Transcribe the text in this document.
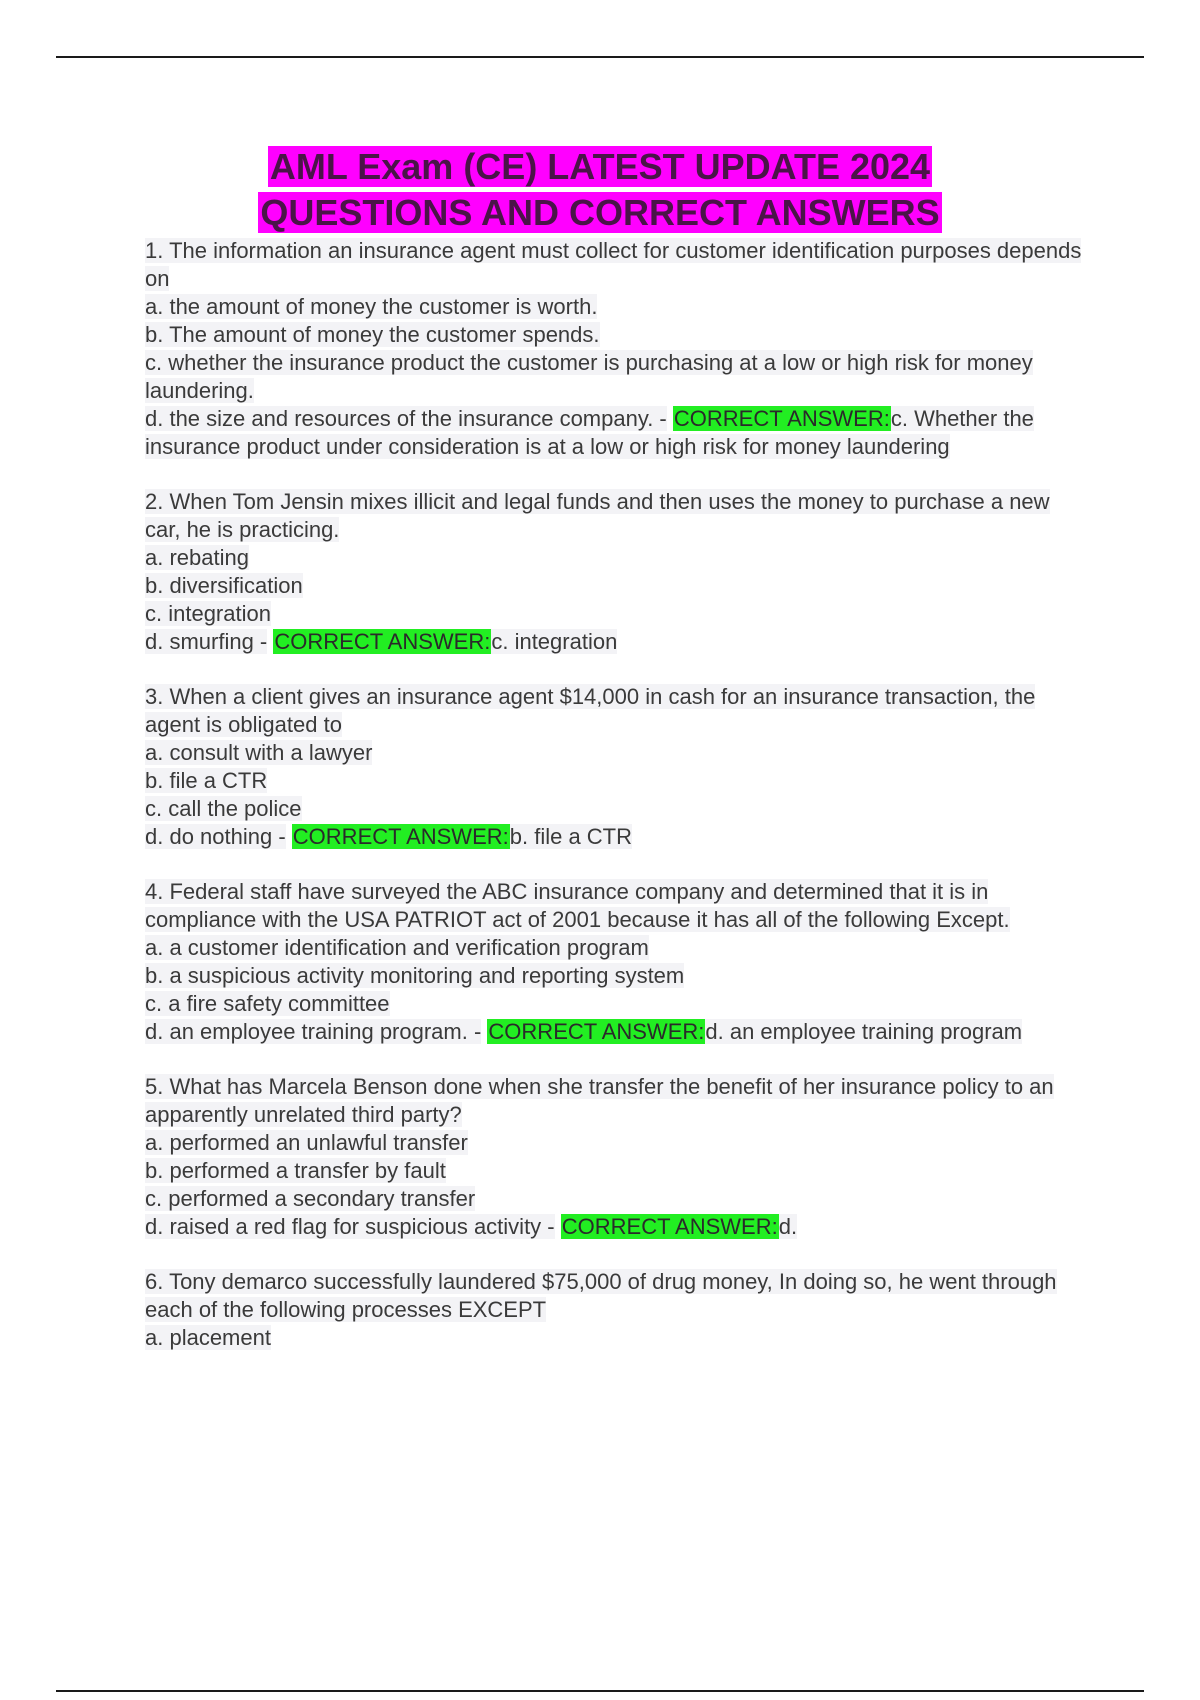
AML Exam (CE) LATEST UPDATE 2024
QUESTIONS AND CORRECT ANSWERS
1. The information an insurance agent must collect for customer identification purposes depends on
a. the amount of money the customer is worth.
b. The amount of money the customer spends.
c. whether the insurance product the customer is purchasing at a low or high risk for money laundering.
d. the size and resources of the insurance company. - CORRECT ANSWER:c. Whether the insurance product under consideration is at a low or high risk for money laundering
2. When Tom Jensin mixes illicit and legal funds and then uses the money to purchase a new car, he is practicing.
a. rebating
b. diversification
c. integration
d. smurfing - CORRECT ANSWER:c. integration
3. When a client gives an insurance agent $14,000 in cash for an insurance transaction, the agent is obligated to
a. consult with a lawyer
b. file a CTR
c. call the police
d. do nothing - CORRECT ANSWER:b. file a CTR
4. Federal staff have surveyed the ABC insurance company and determined that it is in compliance with the USA PATRIOT act of 2001 because it has all of the following Except.
a. a customer identification and verification program
b. a suspicious activity monitoring and reporting system
c. a fire safety committee
d. an employee training program. - CORRECT ANSWER:d. an employee training program
5. What has Marcela Benson done when she transfer the benefit of her insurance policy to an apparently unrelated third party?
a. performed an unlawful transfer
b. performed a transfer by fault
c. performed a secondary transfer
d. raised a red flag for suspicious activity - CORRECT ANSWER:d.
6. Tony demarco successfully laundered $75,000 of drug money, In doing so, he went through each of the following processes EXCEPT
a. placement
